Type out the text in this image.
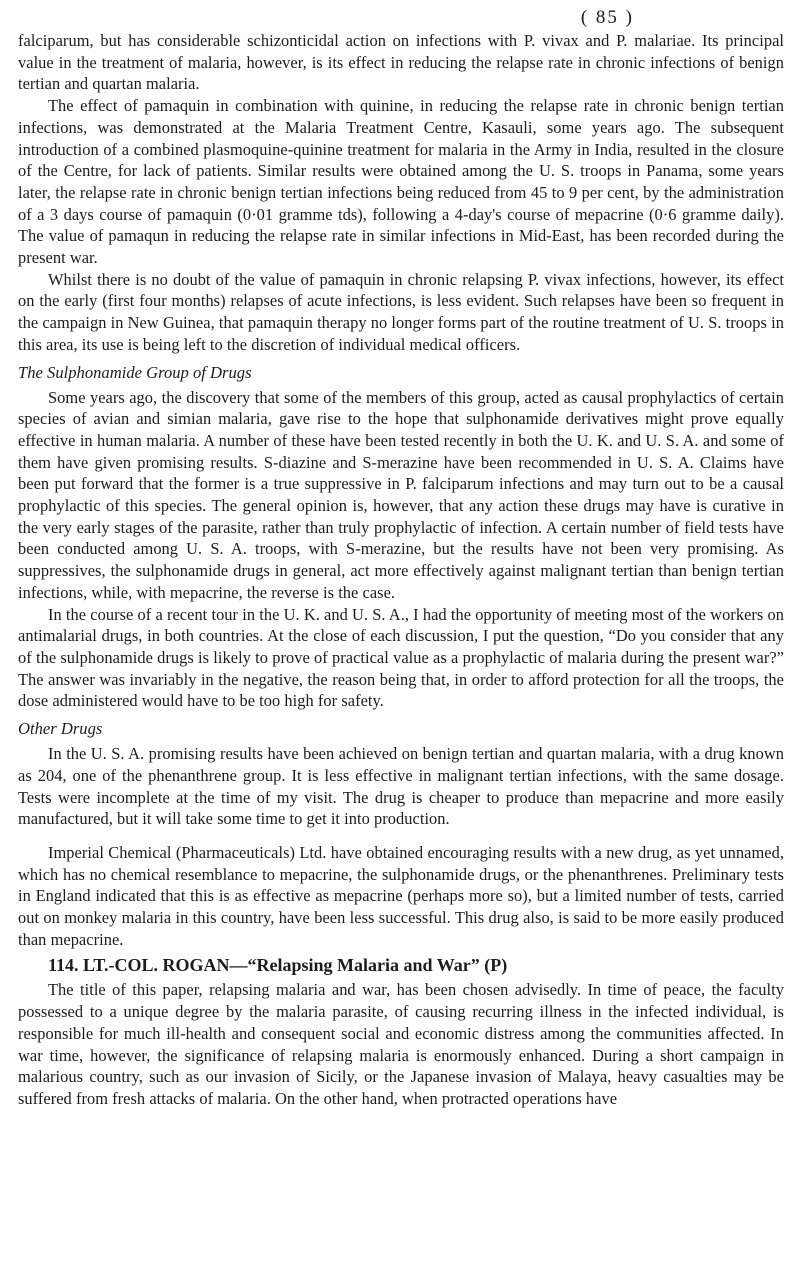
( 85 )

falciparum, but has considerable schizonticidal action on infections with P. vivax and P. malariae. Its principal value in the treatment of malaria, however, is its effect in reducing the relapse rate in chronic infections of benign tertian and quartan malaria.

The effect of pamaquin in combination with quinine, in reducing the relapse rate in chronic benign tertian infections, was demonstrated at the Malaria Treatment Centre, Kasauli, some years ago. The subsequent introduction of a combined plasmoquine-quinine treatment for malaria in the Army in India, resulted in the closure of the Centre, for lack of patients. Similar results were obtained among the U. S. troops in Panama, some years later, the relapse rate in chronic benign tertian infections being reduced from 45 to 9 per cent, by the administration of a 3 days course of pamaquin (0·01 gramme tds), following a 4-day's course of mepacrine (0·6 gramme daily). The value of pamaqun in reducing the relapse rate in similar infections in Mid-East, has been recorded during the present war.

Whilst there is no doubt of the value of pamaquin in chronic relapsing P. vivax infections, however, its effect on the early (first four months) relapses of acute infections, is less evident. Such relapses have been so frequent in the campaign in New Guinea, that pamaquin therapy no longer forms part of the routine treatment of U. S. troops in this area, its use is being left to the discretion of individual medical officers.

The Sulphonamide Group of Drugs

Some years ago, the discovery that some of the members of this group, acted as causal prophylactics of certain species of avian and simian malaria, gave rise to the hope that sulphonamide derivatives might prove equally effective in human malaria. A number of these have been tested recently in both the U. K. and U. S. A. and some of them have given promising results. S-diazine and S-merazine have been recommended in U. S. A. Claims have been put forward that the former is a true suppressive in P. falciparum infections and may turn out to be a causal prophylactic of this species. The general opinion is, however, that any action these drugs may have is curative in the very early stages of the parasite, rather than truly prophylactic of infection. A certain number of field tests have been conducted among U. S. A. troops, with S-merazine, but the results have not been very promising. As suppressives, the sulphonamide drugs in general, act more effectively against malignant tertian than benign tertian infections, while, with mepacrine, the reverse is the case.

In the course of a recent tour in the U. K. and U. S. A., I had the opportunity of meeting most of the workers on antimalarial drugs, in both countries. At the close of each discussion, I put the question, “Do you consider that any of the sulphonamide drugs is likely to prove of practical value as a prophylactic of malaria during the present war?” The answer was invariably in the negative, the reason being that, in order to afford protection for all the troops, the dose administered would have to be too high for safety.

Other Drugs

In the U. S. A. promising results have been achieved on benign tertian and quartan malaria, with a drug known as 204, one of the phenanthrene group. It is less effective in malignant tertian infections, with the same dosage. Tests were incomplete at the time of my visit. The drug is cheaper to produce than mepacrine and more easily manufactured, but it will take some time to get it into production.

Imperial Chemical (Pharmaceuticals) Ltd. have obtained encouraging results with a new drug, as yet unnamed, which has no chemical resemblance to mepacrine, the sulphonamide drugs, or the phenanthrenes. Preliminary tests in England indicated that this is as effective as mepacrine (perhaps more so), but a limited number of tests, carried out on monkey malaria in this country, have been less successful. This drug also, is said to be more easily produced than mepacrine.

114. LT.-COL. ROGAN—“Relapsing Malaria and War” (P)

The title of this paper, relapsing malaria and war, has been chosen advisedly. In time of peace, the faculty possessed to a unique degree by the malaria parasite, of causing recurring illness in the infected individual, is responsible for much ill-health and consequent social and economic distress among the communities affected. In war time, however, the significance of relapsing malaria is enormously enhanced. During a short campaign in malarious country, such as our invasion of Sicily, or the Japanese invasion of Malaya, heavy casualties may be suffered from fresh attacks of malaria. On the other hand, when protracted operations have
